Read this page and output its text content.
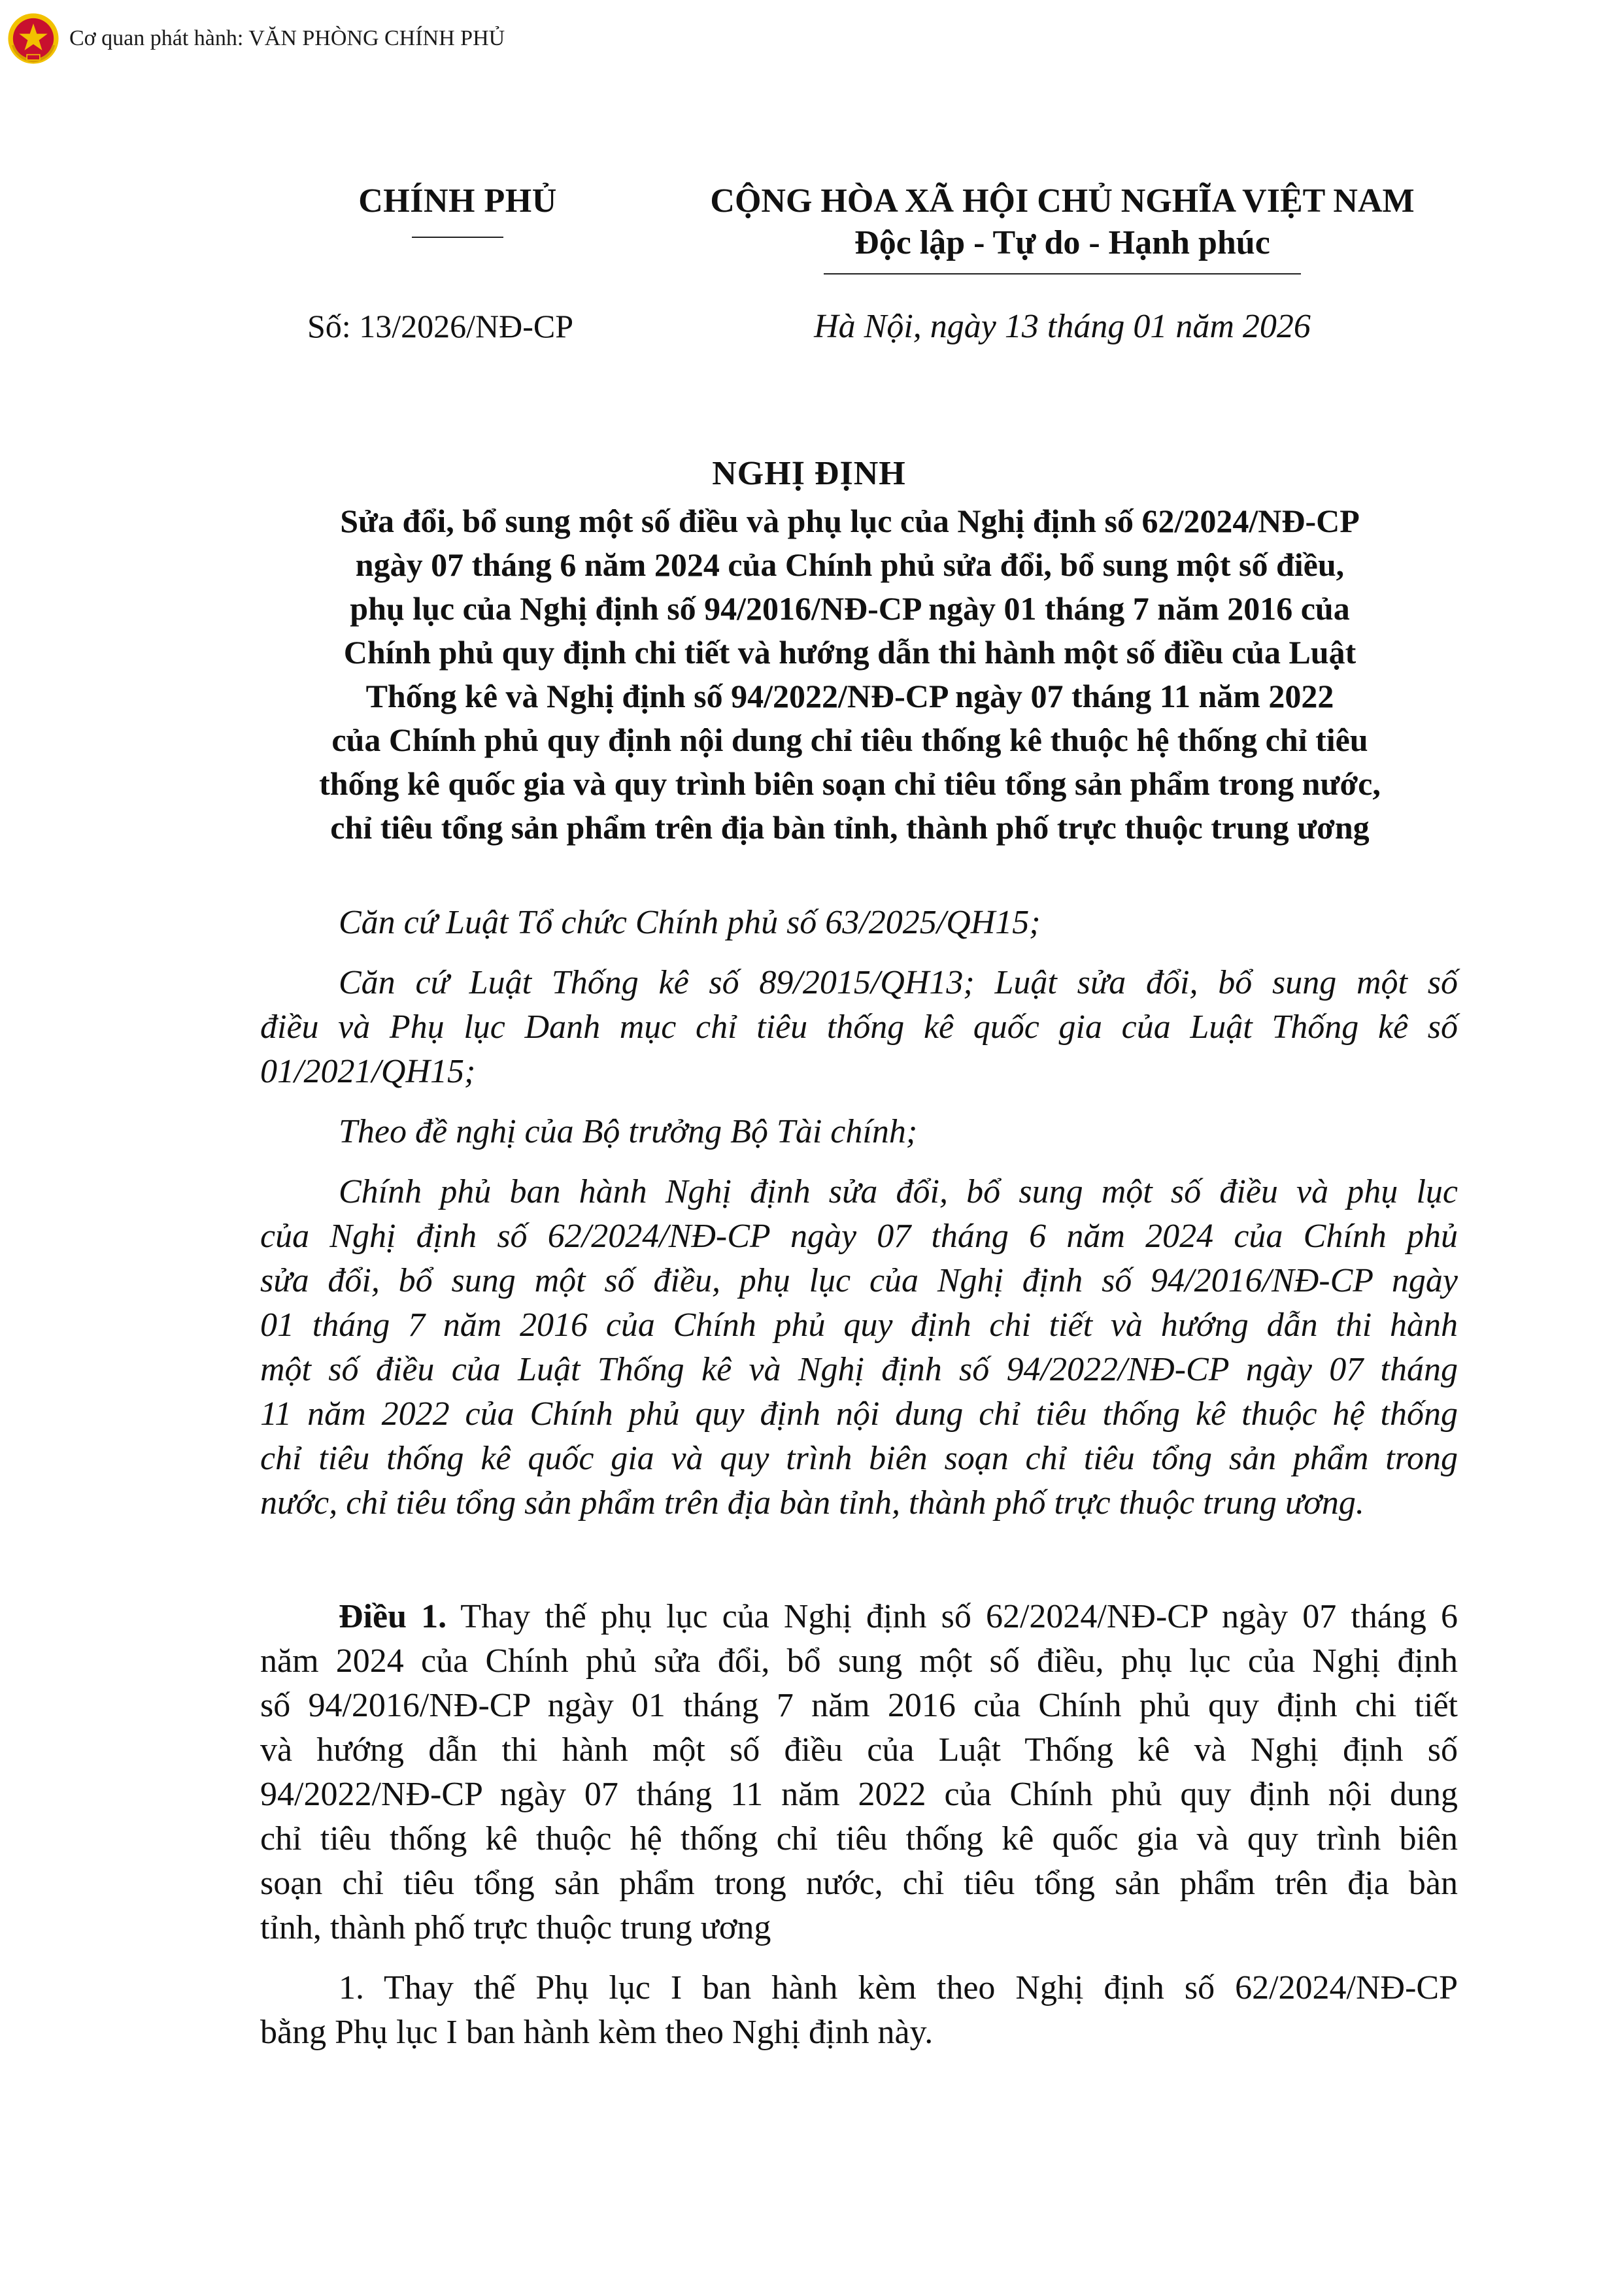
Cơ quan phát hành: VĂN PHÒNG CHÍNH PHỦ
CHÍNH PHỦ	CỘNG HÒA XÃ HỘI CHỦ NGHĨA VIỆT NAM
Độc lập - Tự do - Hạnh phúc
Số: 13/2026/NĐ-CP	Hà Nội, ngày 13 tháng 01 năm 2026
NGHỊ ĐỊNH
Sửa đổi, bổ sung một số điều và phụ lục của Nghị định số 62/2024/NĐ-CP
ngày 07 tháng 6 năm 2024 của Chính phủ sửa đổi, bổ sung một số điều,
phụ lục của Nghị định số 94/2016/NĐ-CP ngày 01 tháng 7 năm 2016 của
Chính phủ quy định chi tiết và hướng dẫn thi hành một số điều của Luật
Thống kê và Nghị định số 94/2022/NĐ-CP ngày 07 tháng 11 năm 2022
của Chính phủ quy định nội dung chỉ tiêu thống kê thuộc hệ thống chỉ tiêu
thống kê quốc gia và quy trình biên soạn chỉ tiêu tổng sản phẩm trong nước,
chỉ tiêu tổng sản phẩm trên địa bàn tỉnh, thành phố trực thuộc trung ương
Căn cứ Luật Tổ chức Chính phủ số 63/2025/QH15;
Căn cứ Luật Thống kê số 89/2015/QH13; Luật sửa đổi, bổ sung một số
điều và Phụ lục Danh mục chỉ tiêu thống kê quốc gia của Luật Thống kê số
01/2021/QH15;
Theo đề nghị của Bộ trưởng Bộ Tài chính;
Chính phủ ban hành Nghị định sửa đổi, bổ sung một số điều và phụ lục
của Nghị định số 62/2024/NĐ-CP ngày 07 tháng 6 năm 2024 của Chính phủ
sửa đổi, bổ sung một số điều, phụ lục của Nghị định số 94/2016/NĐ-CP ngày
01 tháng 7 năm 2016 của Chính phủ quy định chi tiết và hướng dẫn thi hành
một số điều của Luật Thống kê và Nghị định số 94/2022/NĐ-CP ngày 07 tháng
11 năm 2022 của Chính phủ quy định nội dung chỉ tiêu thống kê thuộc hệ thống
chỉ tiêu thống kê quốc gia và quy trình biên soạn chỉ tiêu tổng sản phẩm trong
nước, chỉ tiêu tổng sản phẩm trên địa bàn tỉnh, thành phố trực thuộc trung ương.
Điều 1. Thay thế phụ lục của Nghị định số 62/2024/NĐ-CP ngày 07 tháng 6
năm 2024 của Chính phủ sửa đổi, bổ sung một số điều, phụ lục của Nghị định
số 94/2016/NĐ-CP ngày 01 tháng 7 năm 2016 của Chính phủ quy định chi tiết
và hướng dẫn thi hành một số điều của Luật Thống kê và Nghị định số
94/2022/NĐ-CP ngày 07 tháng 11 năm 2022 của Chính phủ quy định nội dung
chỉ tiêu thống kê thuộc hệ thống chỉ tiêu thống kê quốc gia và quy trình biên
soạn chỉ tiêu tổng sản phẩm trong nước, chỉ tiêu tổng sản phẩm trên địa bàn
tỉnh, thành phố trực thuộc trung ương
1. Thay thế Phụ lục I ban hành kèm theo Nghị định số 62/2024/NĐ-CP
bằng Phụ lục I ban hành kèm theo Nghị định này.
